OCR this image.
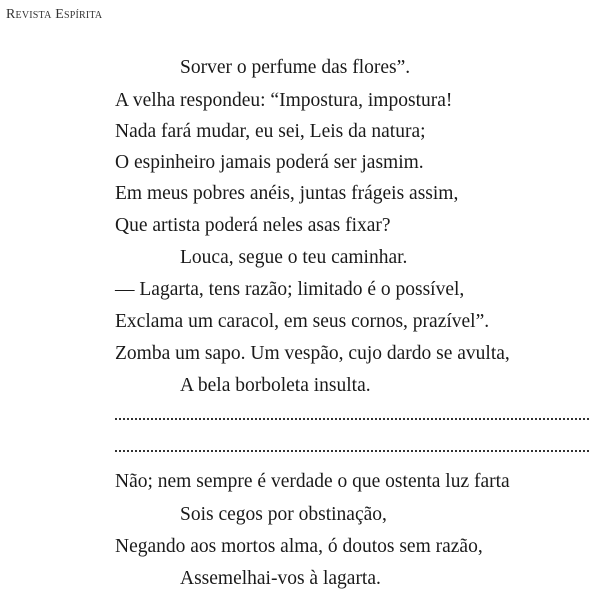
Revista Espírita
Sorver o perfume das flores”.
A velha respondeu: “Impostura, impostura!
Nada fará mudar, eu sei, Leis da natura;
O espinheiro jamais poderá ser jasmim.
Em meus pobres anéis, juntas frágeis assim,
Que artista poderá neles asas fixar?
Louca, segue o teu caminhar.
— Lagarta, tens razão; limitado é o possível,
Exclama um caracol, em seus cornos, prazível”.
Zomba um sapo. Um vespão, cujo dardo se avulta,
A bela borboleta insulta.
Não; nem sempre é verdade o que ostenta luz farta
Sois cegos por obstinação,
Negando aos mortos alma, ó doutos sem razão,
Assemelhai-vos à lagarta.
